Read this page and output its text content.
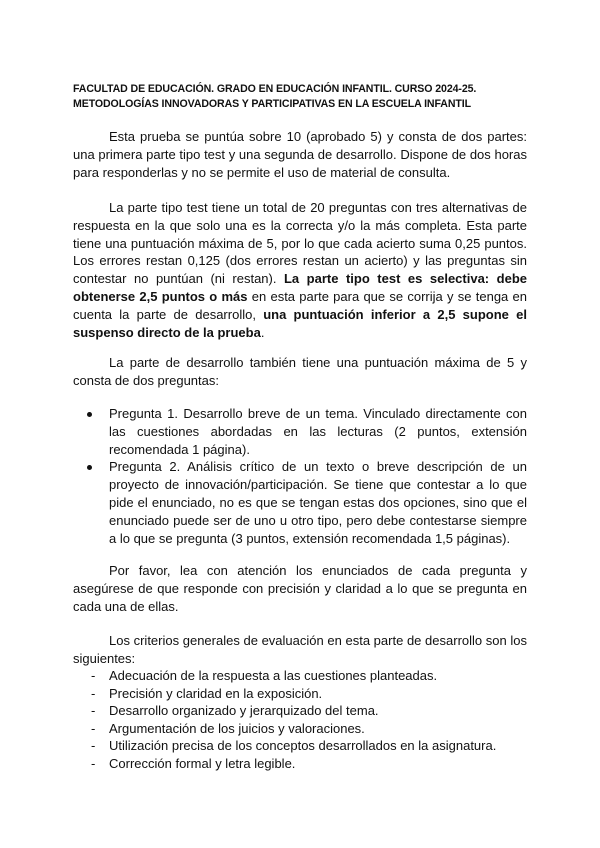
FACULTAD DE EDUCACIÓN. GRADO EN EDUCACIÓN INFANTIL. CURSO 2024-25.
METODOLOGÍAS INNOVADORAS Y PARTICIPATIVAS EN LA ESCUELA INFANTIL

Esta prueba se puntúa sobre 10 (aprobado 5) y consta de dos partes: una primera parte tipo test y una segunda de desarrollo. Dispone de dos horas para responderlas y no se permite el uso de material de consulta.

La parte tipo test tiene un total de 20 preguntas con tres alternativas de respuesta en la que solo una es la correcta y/o la más completa. Esta parte tiene una puntuación máxima de 5, por lo que cada acierto suma 0,25 puntos. Los errores restan 0,125 (dos errores restan un acierto) y las preguntas sin contestar no puntúan (ni restan). La parte tipo test es selectiva: debe obtenerse 2,5 puntos o más en esta parte para que se corrija y se tenga en cuenta la parte de desarrollo, una puntuación inferior a 2,5 supone el suspenso directo de la prueba.

La parte de desarrollo también tiene una puntuación máxima de 5 y consta de dos preguntas:

Pregunta 1. Desarrollo breve de un tema. Vinculado directamente con las cuestiones abordadas en las lecturas (2 puntos, extensión recomendada 1 página).
Pregunta 2. Análisis crítico de un texto o breve descripción de un proyecto de innovación/participación. Se tiene que contestar a lo que pide el enunciado, no es que se tengan estas dos opciones, sino que el enunciado puede ser de uno u otro tipo, pero debe contestarse siempre a lo que se pregunta (3 puntos, extensión recomendada 1,5 páginas).

Por favor, lea con atención los enunciados de cada pregunta y asegúrese de que responde con precisión y claridad a lo que se pregunta en cada una de ellas.

Los criterios generales de evaluación en esta parte de desarrollo son los siguientes:

- Adecuación de la respuesta a las cuestiones planteadas.
- Precisión y claridad en la exposición.
- Desarrollo organizado y jerarquizado del tema.
- Argumentación de los juicios y valoraciones.
- Utilización precisa de los conceptos desarrollados en la asignatura.
- Corrección formal y letra legible.
